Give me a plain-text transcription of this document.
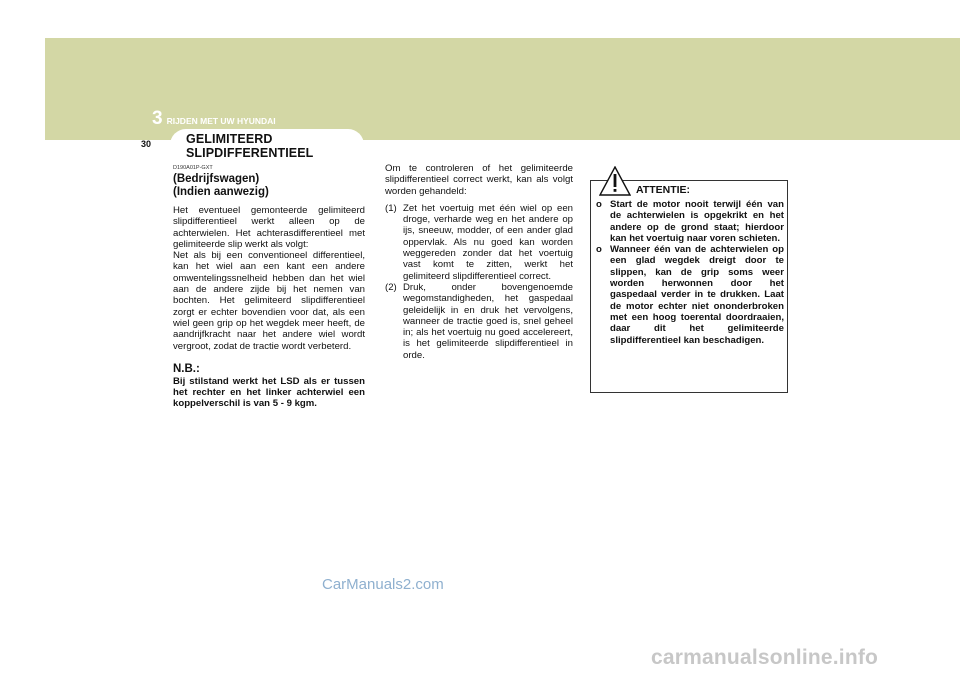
3 RIJDEN MET UW HYUNDAI
GELIMITEERD
SLIPDIFFERENTIEEL
30
D190A01P-GXT
(Bedrijfswagen)
(Indien aanwezig)

Het eventueel gemonteerde gelimiteerd slipdifferentieel werkt alleen op de achterwielen. Het achterasdifferentieel met gelimiteerde slip werkt als volgt:

Net als bij een conventioneel differentieel, kan het wiel aan een kant een andere omwentelingssnelheid hebben dan het wiel aan de andere zijde bij het nemen van bochten. Het gelimiteerd slipdifferentieel zorgt er echter bovendien voor dat, als een wiel geen grip op het wegdek meer heeft, de aandrijfkracht naar het andere wiel wordt vergroot, zodat de tractie wordt verbeterd.

N.B.:
Bij stilstand werkt het LSD als er tussen het rechter en het linker achterwiel een koppelverschil is van 5 - 9 kgm.

Om te controleren of het gelimiteerde slipdifferentieel correct werkt, kan als volgt worden gehandeld:

(1) Zet het voertuig met één wiel op een droge, verharde weg en het andere op ijs, sneeuw, modder, of een ander glad oppervlak. Als nu goed kan worden weggereden zonder dat het voertuig vast komt te zitten, werkt het gelimiteerd slipdifferentieel correct.
(2) Druk, onder bovengenoemde wegomstandigheden, het gaspedaal geleidelijk in en druk het vervolgens, wanneer de tractie goed is, snel geheel in; als het voertuig nu goed accelereert, is het gelimiteerde slipdifferentieel in orde.
ATTENTIE:
o Start de motor nooit terwijl één van de achterwielen is opgekrikt en het andere op de grond staat; hierdoor kan het voertuig naar voren schieten.
o Wanneer één van de achterwielen op een glad wegdek dreigt door te slippen, kan de grip soms weer worden herwonnen door het gaspedaal verder in te drukken. Laat de motor echter niet ononderbroken met een hoog toerental doordraaien, daar dit het gelimiteerde slipdifferentieel kan beschadigen.
CarManuals2.com
carmanualsonline.info
